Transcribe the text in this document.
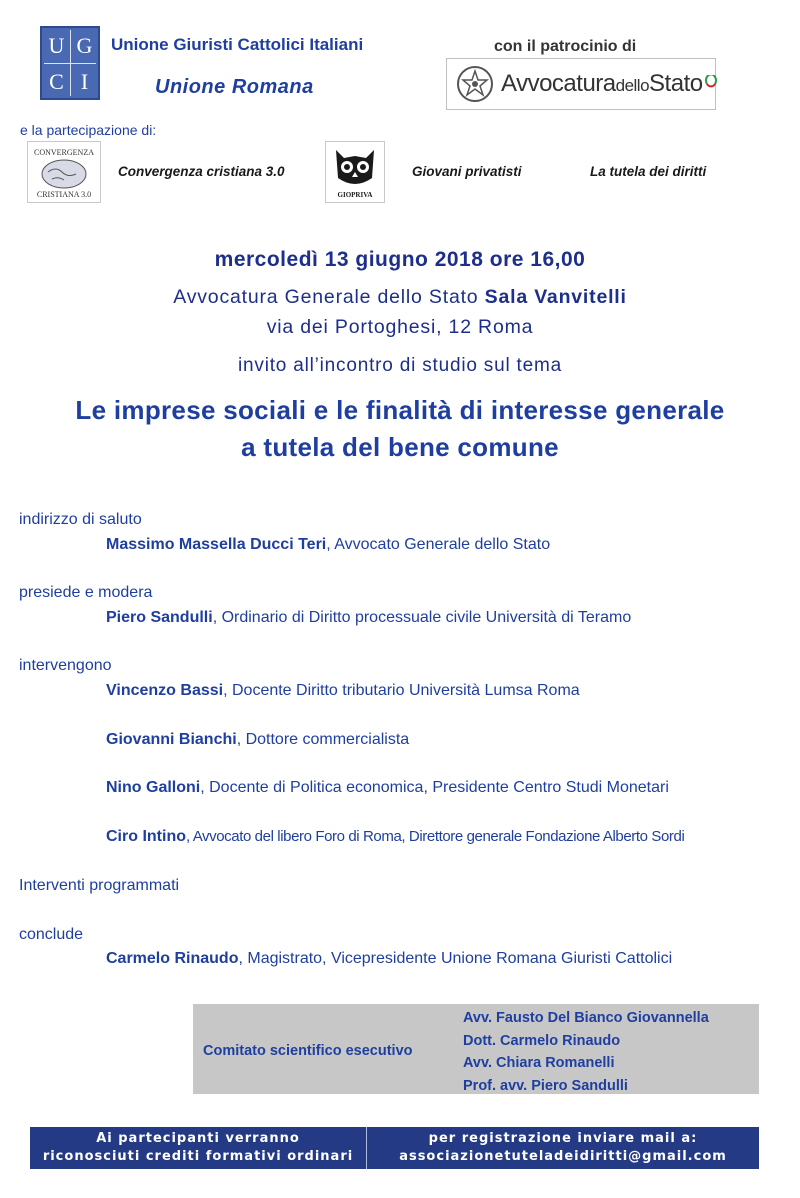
U G
C I
Unione Giuristi Cattolici Italiani
Unione Romana
con il patrocinio di
AvvocaturadelloStato
e la partecipazione di:
CONVERGENZA
CRISTIANA 3.0
Convergenza cristiana 3.0
GIOPRIVA
Giovani privatisti	La tutela dei diritti
mercoledì 13 giugno 2018 ore 16,00
Avvocatura Generale dello Stato Sala Vanvitelli
via dei Portoghesi, 12 Roma
invito all’incontro di studio sul tema
Le imprese sociali e le finalità di interesse generale
a tutela del bene comune
indirizzo di saluto
Massimo Massella Ducci Teri, Avvocato Generale dello Stato
presiede e modera
Piero Sandulli, Ordinario di Diritto processuale civile Università di Teramo
intervengono
Vincenzo Bassi, Docente Diritto tributario Università Lumsa Roma
Giovanni Bianchi, Dottore commercialista
Nino Galloni, Docente di Politica economica, Presidente Centro Studi Monetari
Ciro Intino, Avvocato del libero Foro di Roma, Direttore generale Fondazione Alberto Sordi
Interventi programmati
conclude
Carmelo Rinaudo, Magistrato, Vicepresidente Unione Romana Giuristi Cattolici
Comitato scientifico esecutivo
Avv. Fausto Del Bianco Giovannella
Dott. Carmelo Rinaudo
Avv. Chiara Romanelli
Prof. avv. Piero Sandulli
Ai partecipanti verranno
riconosciuti crediti formativi ordinari
per registrazione inviare mail a:
associazionetuteladeidiritti@gmail.com
